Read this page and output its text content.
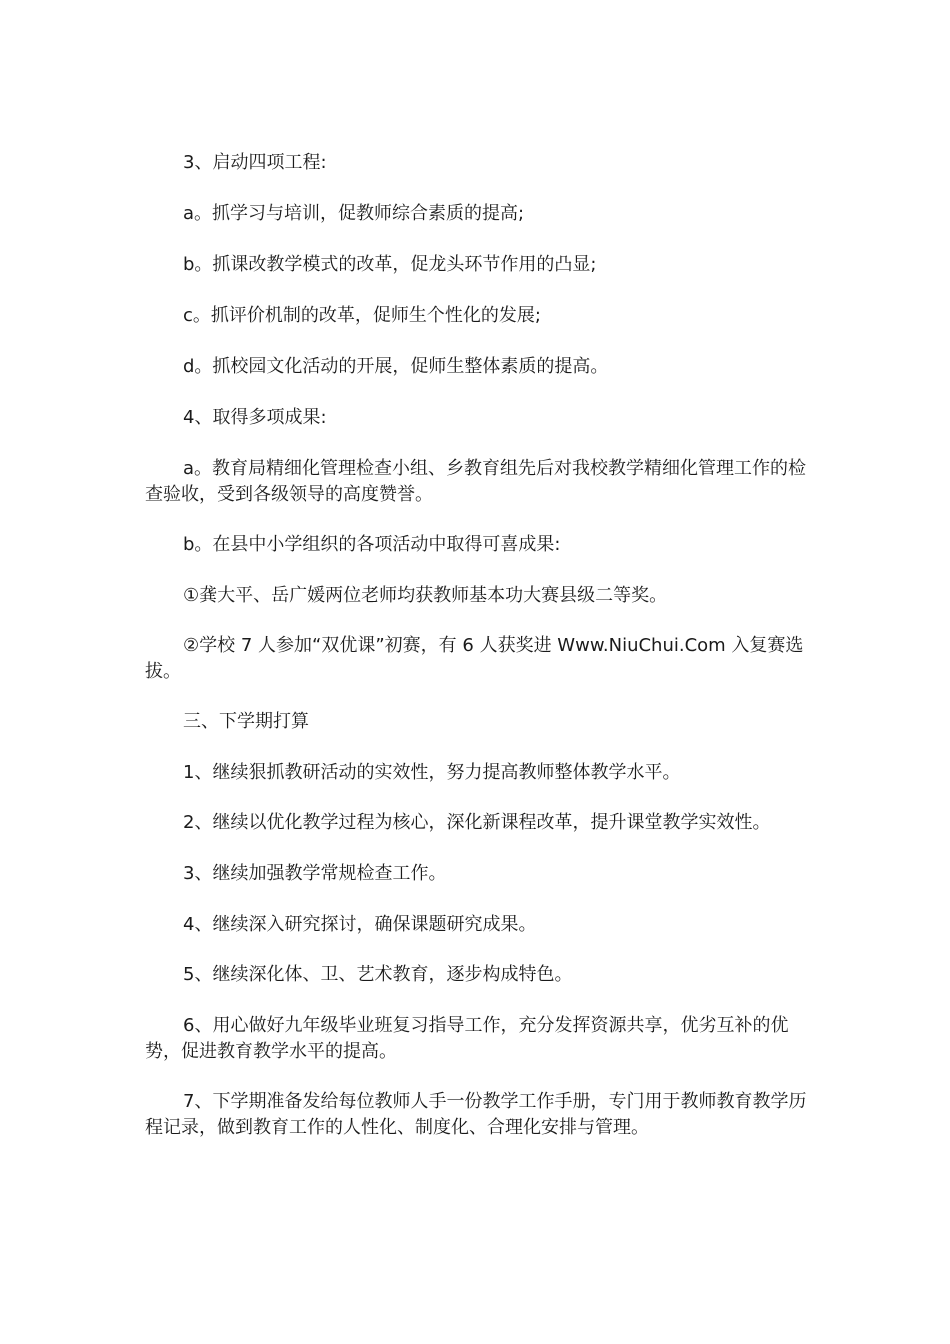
3、启动四项工程:

a。抓学习与培训，促教师综合素质的提高;

b。抓课改教学模式的改革，促龙头环节作用的凸显;

c。抓评价机制的改革，促师生个性化的发展;

d。抓校园文化活动的开展，促师生整体素质的提高。

4、取得多项成果:

a。教育局精细化管理检查小组、乡教育组先后对我校教学精细化管理工作的检查验收，受到各级领导的高度赞誉。

b。在县中小学组织的各项活动中取得可喜成果:

①龚大平、岳广媛两位老师均获教师基本功大赛县级二等奖。

②学校 7 人参加“双优课”初赛，有 6 人获奖进 Www.NiuChui.Com 入复赛选拔。

三、下学期打算

1、继续狠抓教研活动的实效性，努力提高教师整体教学水平。

2、继续以优化教学过程为核心，深化新课程改革，提升课堂教学实效性。

3、继续加强教学常规检查工作。

4、继续深入研究探讨，确保课题研究成果。

5、继续深化体、卫、艺术教育，逐步构成特色。

6、用心做好九年级毕业班复习指导工作，充分发挥资源共享，优劣互补的优势，促进教育教学水平的提高。

7、下学期准备发给每位教师人手一份教学工作手册，专门用于教师教育教学历程记录，做到教育工作的人性化、制度化、合理化安排与管理。
